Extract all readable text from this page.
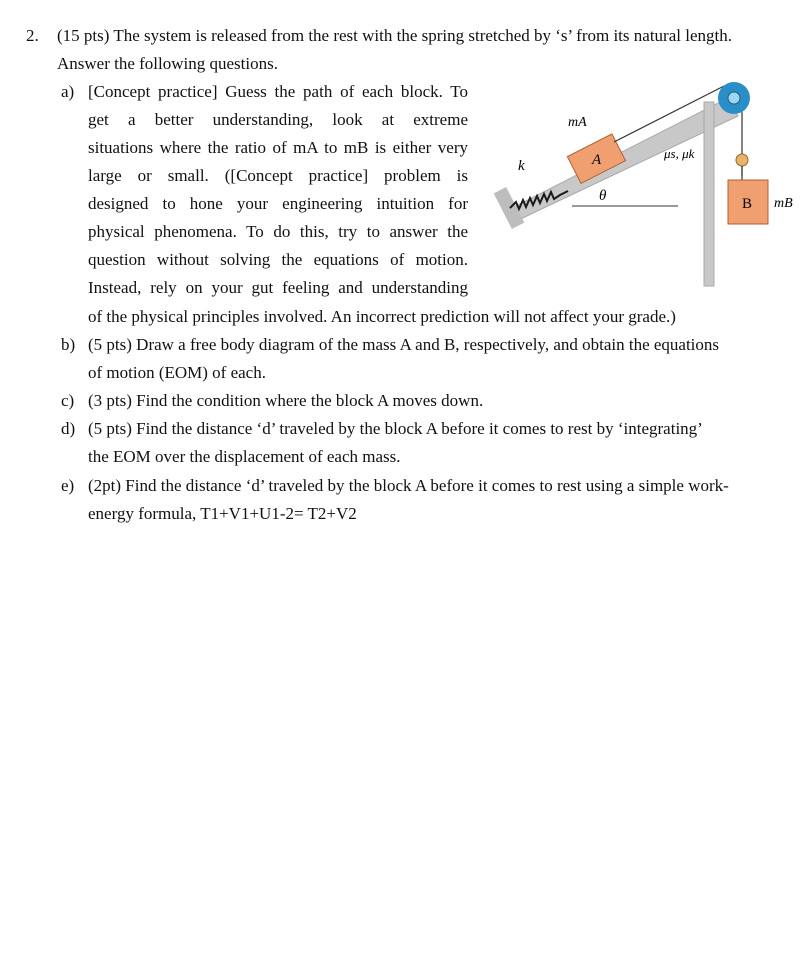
2. (15 pts) The system is released from the rest with the spring stretched by ‘s’ from its natural length.
Answer the following questions.
a) [Concept practice] Guess the path of each block. To
get a better understanding, look at extreme
situations where the ratio of mA to mB is either very
large or small. ([Concept practice] problem is
designed to hone your engineering intuition for
physical phenomena. To do this, try to answer the
question without solving the equations of motion.
Instead, rely on your gut feeling and understanding
of the physical principles involved. An incorrect prediction will not affect your grade.)
b) (5 pts) Draw a free body diagram of the mass A and B, respectively, and obtain the equations
of motion (EOM) of each.
c) (3 pts) Find the condition where the block A moves down.
d) (5 pts) Find the distance ‘d’ traveled by the block A before it comes to rest by ‘integrating’
the EOM over the displacement of each mass.
e) (2pt) Find the distance ‘d’ traveled by the block A before it comes to rest using a simple work-
energy formula, T1+V1+U1-2= T2+V2
mA
A
k
θ
μs, μk
B mB
